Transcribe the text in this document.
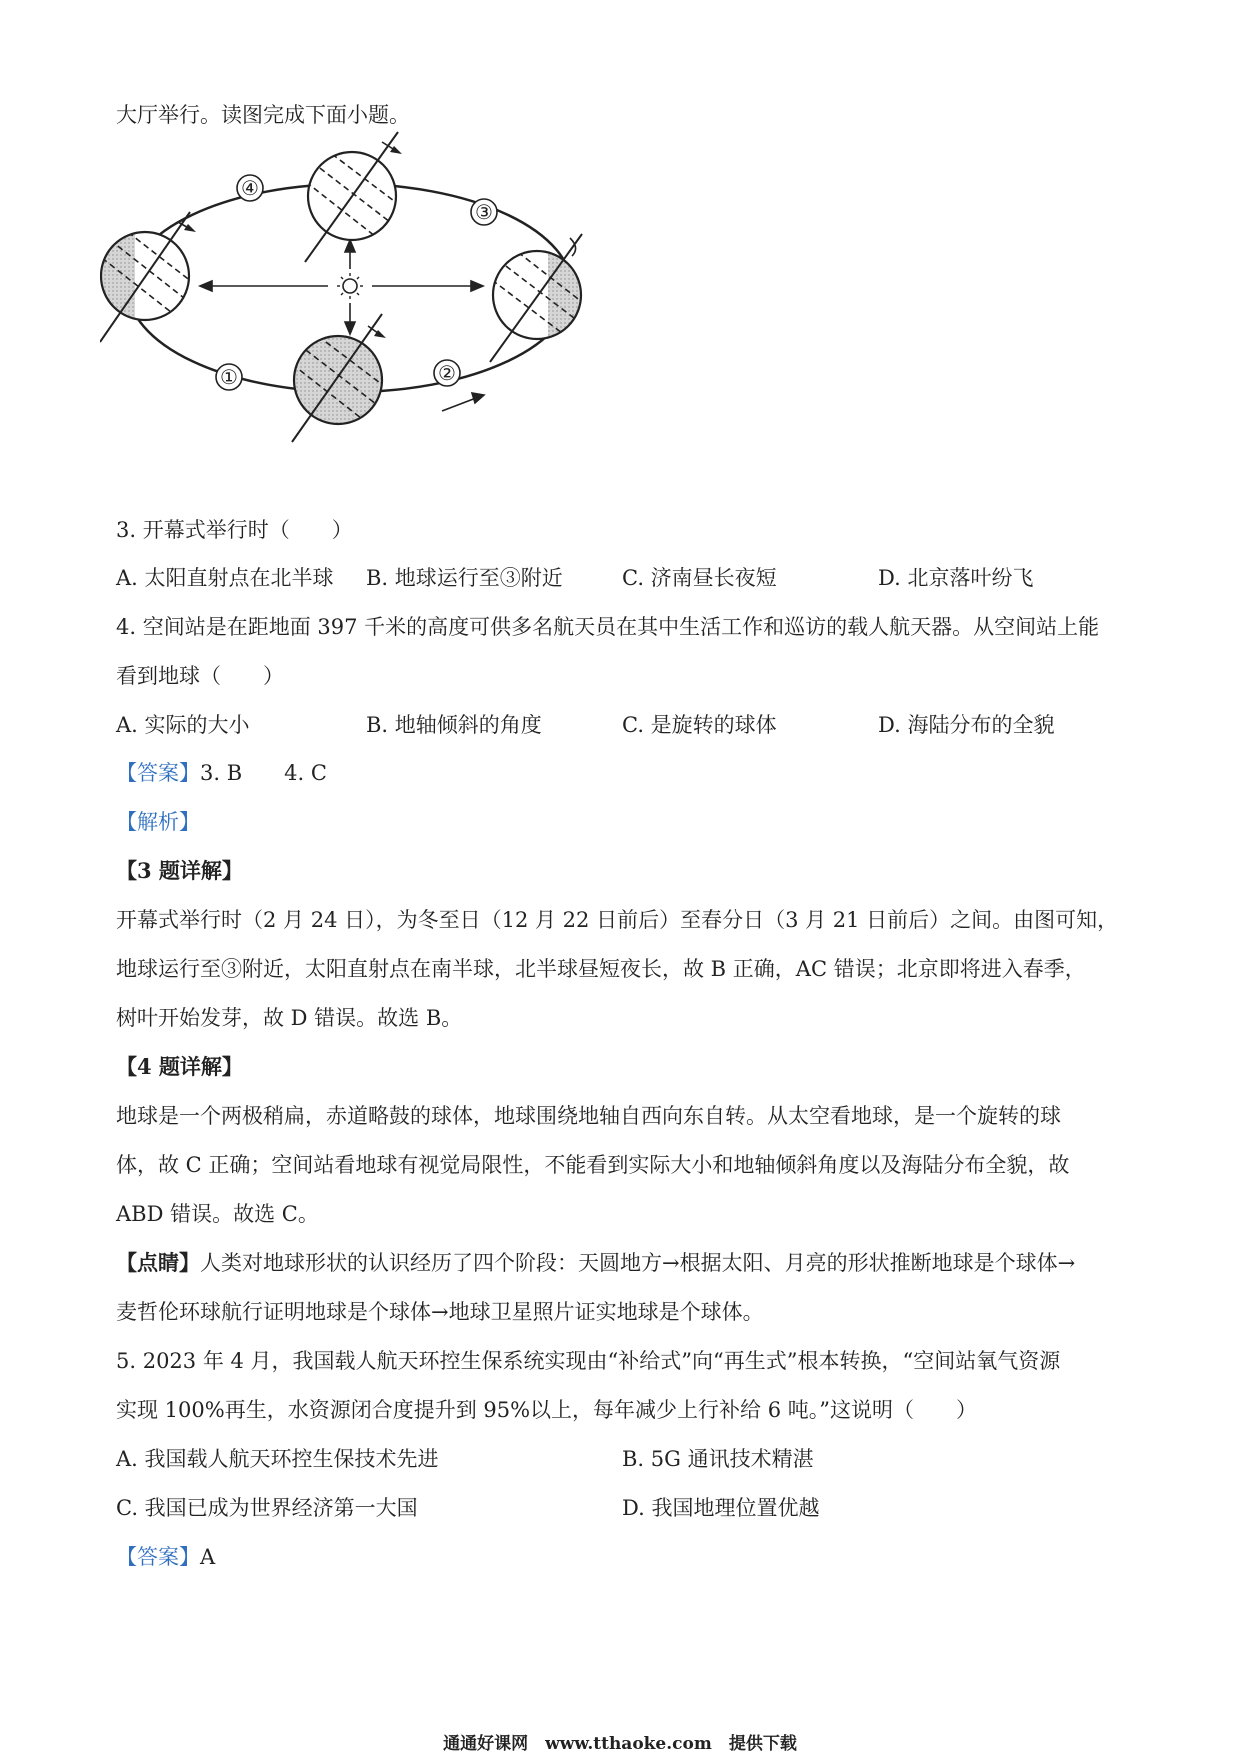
大厅举行。读图完成下面小题。
④
③
①	②
3. 开幕式举行时（　　）
A. 太阳直射点在北半球 B. 地球运行至③附近	C. 济南昼长夜短	D. 北京落叶纷飞
4. 空间站是在距地面 397 千米的高度可供多名航天员在其中生活工作和巡访的载人航天器。从空间站上能
看到地球（　　）
A. 实际的大小	B. 地轴倾斜的角度	C. 是旋转的球体	D. 海陆分布的全貌
【答案】3. B　　4. C
【解析】
【3 题详解】
开幕式举行时（2 月 24 日），为冬至日（12 月 22 日前后）至春分日（3 月 21 日前后）之间。由图可知，
地球运行至③附近，太阳直射点在南半球，北半球昼短夜长，故 B 正确，AC 错误；北京即将进入春季，
树叶开始发芽，故 D 错误。故选 B。
【4 题详解】
地球是一个两极稍扁，赤道略鼓的球体，地球围绕地轴自西向东自转。从太空看地球，是一个旋转的球
体，故 C 正确；空间站看地球有视觉局限性，不能看到实际大小和地轴倾斜角度以及海陆分布全貌，故
ABD 错误。故选 C。
【点睛】人类对地球形状的认识经历了四个阶段：天圆地方→根据太阳、月亮的形状推断地球是个球体→
麦哲伦环球航行证明地球是个球体→地球卫星照片证实地球是个球体。
5. 2023 年 4 月，我国载人航天环控生保系统实现由“补给式”向“再生式”根本转换，“空间站氧气资源
实现 100%再生，水资源闭合度提升到 95%以上，每年减少上行补给 6 吨。”这说明（　　）
A. 我国载人航天环控生保技术先进	B. 5G 通讯技术精湛
C. 我国已成为世界经济第一大国	D. 我国地理位置优越
【答案】A
通通好课网　www.tthaoke.com　提供下载
